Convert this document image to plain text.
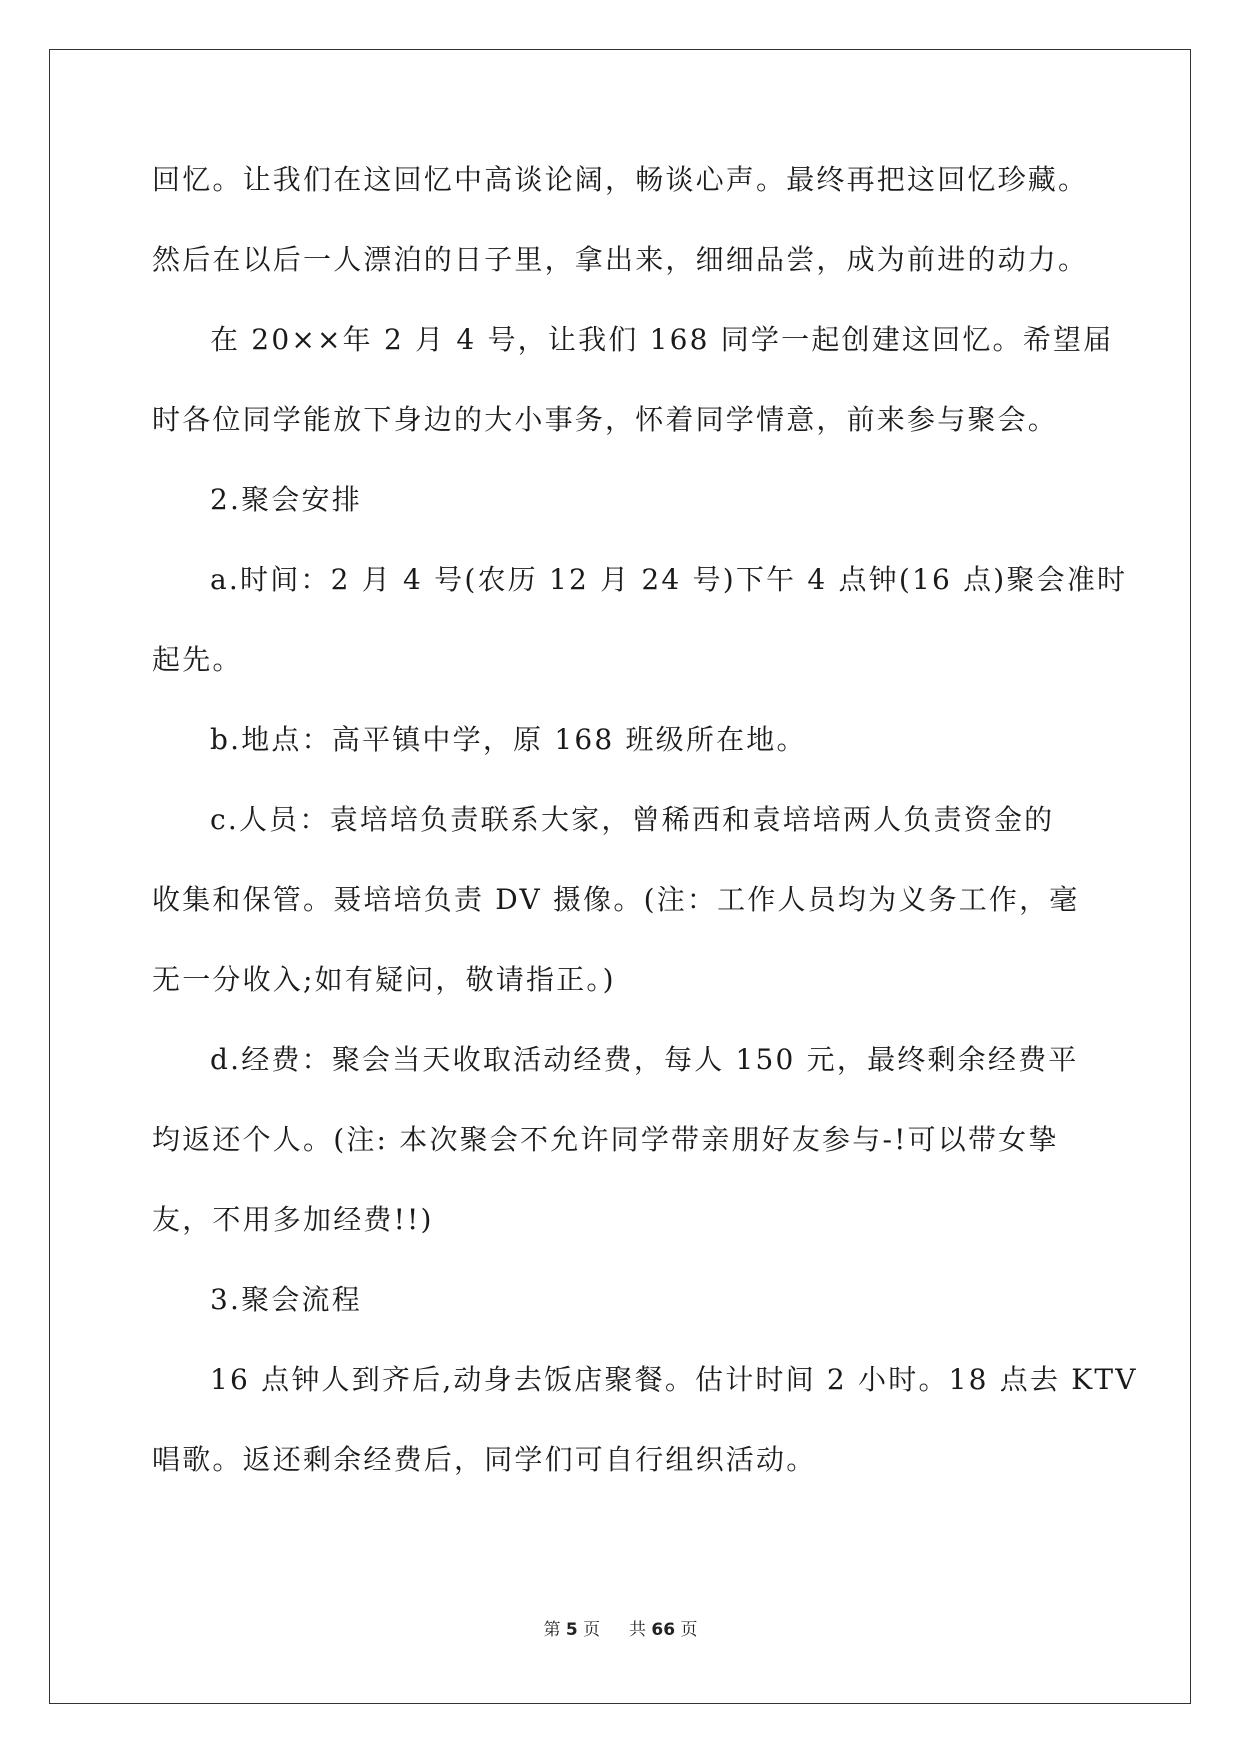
回忆。让我们在这回忆中高谈论阔，畅谈心声。最终再把这回忆珍藏。
然后在以后一人漂泊的日子里，拿出来，细细品尝，成为前进的动力。
在 20××年 2 月 4 号，让我们 168 同学一起创建这回忆。希望届
时各位同学能放下身边的大小事务，怀着同学情意，前来参与聚会。
2.聚会安排
a.时间：2 月 4 号(农历 12 月 24 号)下午 4 点钟(16 点)聚会准时
起先。
b.地点：高平镇中学，原 168 班级所在地。
c.人员：袁培培负责联系大家，曾稀西和袁培培两人负责资金的
收集和保管。聂培培负责 DV 摄像。(注：工作人员均为义务工作，毫
无一分收入;如有疑问，敬请指正。)
d.经费：聚会当天收取活动经费，每人 150 元，最终剩余经费平
均返还个人。(注: 本次聚会不允许同学带亲朋好友参与-!可以带女挚
友，不用多加经费!!)
3.聚会流程
16 点钟人到齐后,动身去饭店聚餐。估计时间 2 小时。18 点去 KTV
唱歌。返还剩余经费后，同学们可自行组织活动。
第 5 页 共 66 页
